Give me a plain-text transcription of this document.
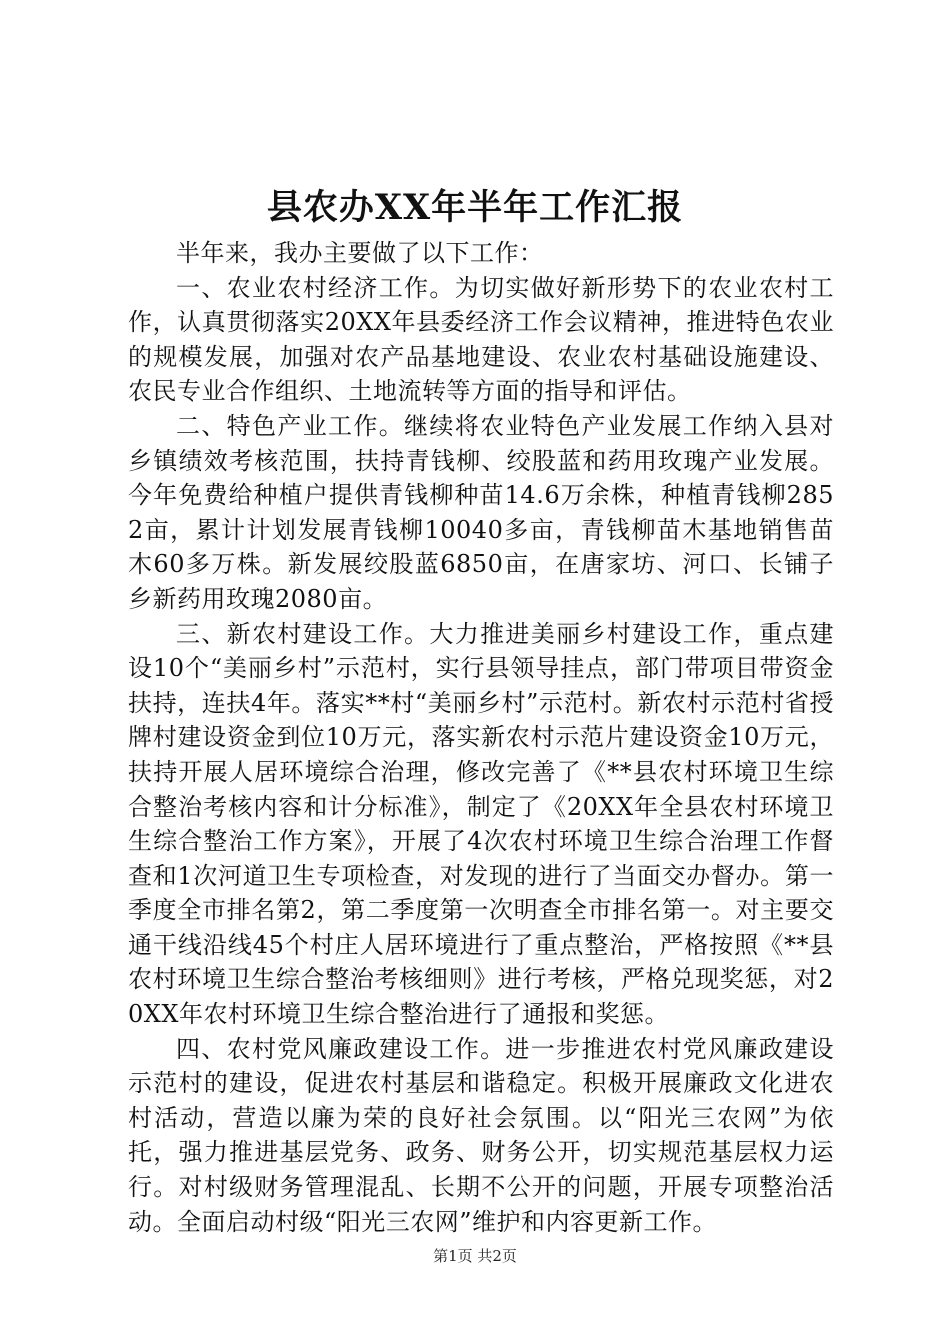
县农办XX年半年工作汇报

半年来，我办主要做了以下工作：

一、农业农村经济工作。为切实做好新形势下的农业农村工作，认真贯彻落实20XX年县委经济工作会议精神，推进特色农业的规模发展，加强对农产品基地建设、农业农村基础设施建设、农民专业合作组织、土地流转等方面的指导和评估。

二、特色产业工作。继续将农业特色产业发展工作纳入县对乡镇绩效考核范围，扶持青钱柳、绞股蓝和药用玫瑰产业发展。今年免费给种植户提供青钱柳种苗14.6万余株，种植青钱柳2852亩，累计计划发展青钱柳10040多亩，青钱柳苗木基地销售苗木60多万株。新发展绞股蓝6850亩，在唐家坊、河口、长铺子乡新药用玫瑰2080亩。

三、新农村建设工作。大力推进美丽乡村建设工作，重点建设10个“美丽乡村”示范村，实行县领导挂点，部门带项目带资金扶持，连扶4年。落实**村“美丽乡村”示范村。新农村示范村省授牌村建设资金到位10万元，落实新农村示范片建设资金10万元，扶持开展人居环境综合治理，修改完善了《**县农村环境卫生综合整治考核内容和计分标准》，制定了《20XX年全县农村环境卫生综合整治工作方案》，开展了4次农村环境卫生综合治理工作督查和1次河道卫生专项检查，对发现的进行了当面交办督办。第一季度全市排名第2，第二季度第一次明查全市排名第一。对主要交通干线沿线45个村庄人居环境进行了重点整治，严格按照《**县农村环境卫生综合整治考核细则》进行考核，严格兑现奖惩，对20XX年农村环境卫生综合整治进行了通报和奖惩。

四、农村党风廉政建设工作。进一步推进农村党风廉政建设示范村的建设，促进农村基层和谐稳定。积极开展廉政文化进农村活动，营造以廉为荣的良好社会氛围。以“阳光三农网”为依托，强力推进基层党务、政务、财务公开，切实规范基层权力运行。对村级财务管理混乱、长期不公开的问题，开展专项整治活动。全面启动村级“阳光三农网”维护和内容更新工作。

第1页 共2页
